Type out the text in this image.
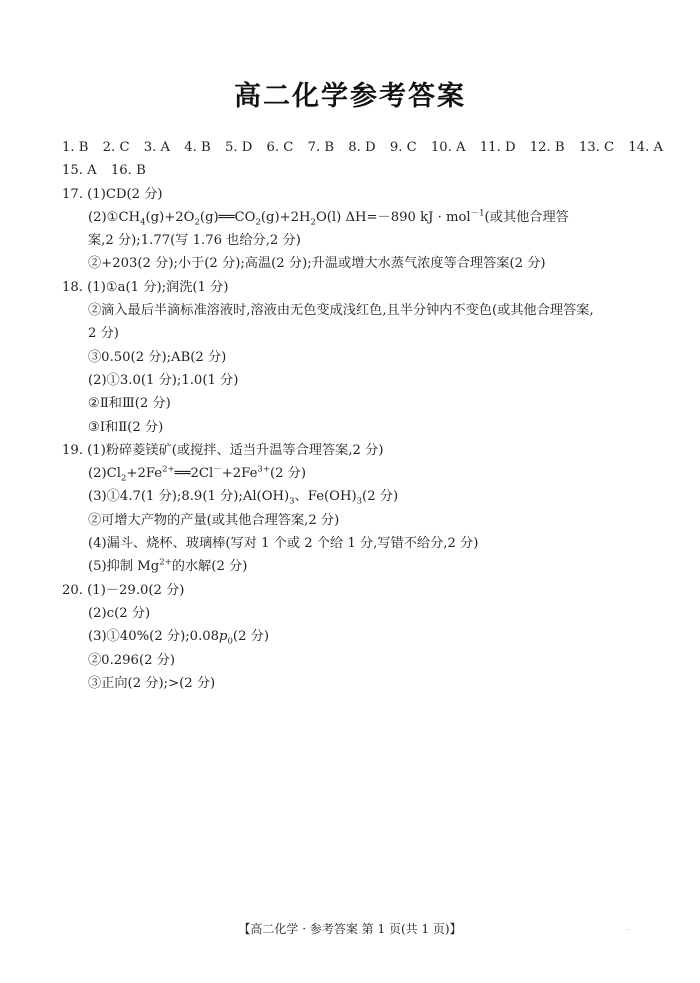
高二化学参考答案
1. B 2. C 3. A 4. B 5. D 6. C 7. B 8. D 9. C 10. A 11. D 12. B 13. C 14. A
15. A 16. B
17. (1)CD(2 分)
$(2)①CH_4(g)+2O_2(g)══CO_2(g)+2H_2O(l)$ ΔH=－890 kJ · mol$^{-1}$(或其他合理答
案,2 分);1.77(写 1.76 也给分,2 分)
②+203(2 分);小于(2 分);高温(2 分);升温或增大水蒸气浓度等合理答案(2 分)
18. (1)①a(1 分);润洗(1 分)
②滴入最后半滴标准溶液时,溶液由无色变成浅红色,且半分钟内不变色(或其他合理答案,
2 分)
③0.50(2 分);AB(2 分)
(2)①3.0(1 分);1.0(1 分)
②Ⅱ和Ⅲ(2 分)
③Ⅰ和Ⅱ(2 分)
19. (1)粉碎菱镁矿(或搅拌、适当升温等合理答案,2 分)
$(2)Cl_2+2Fe^{2+}══2Cl^-+2Fe^{3+}(2$ 分)
(3)①4.7(1 分);8.9(1 分)$;Al(OH)_3$、$Fe(OH)_3(2$ 分)
②可增大产物的产量(或其他合理答案,2 分)
(4)漏斗、烧杯、玻璃棒(写对 1 个或 2 个给 1 分,写错不给分,2 分)
(5)抑制 $Mg^{2+}$的水解(2 分)
20. (1)－29.0(2 分)
(2)c(2 分)
(3)①40%(2 分)$;0.08p_0(2$ 分)
②0.296(2 分)
③正向(2 分);>(2 分)
【高二化学 · 参考答案 第 1 页(共 1 页)】	··
